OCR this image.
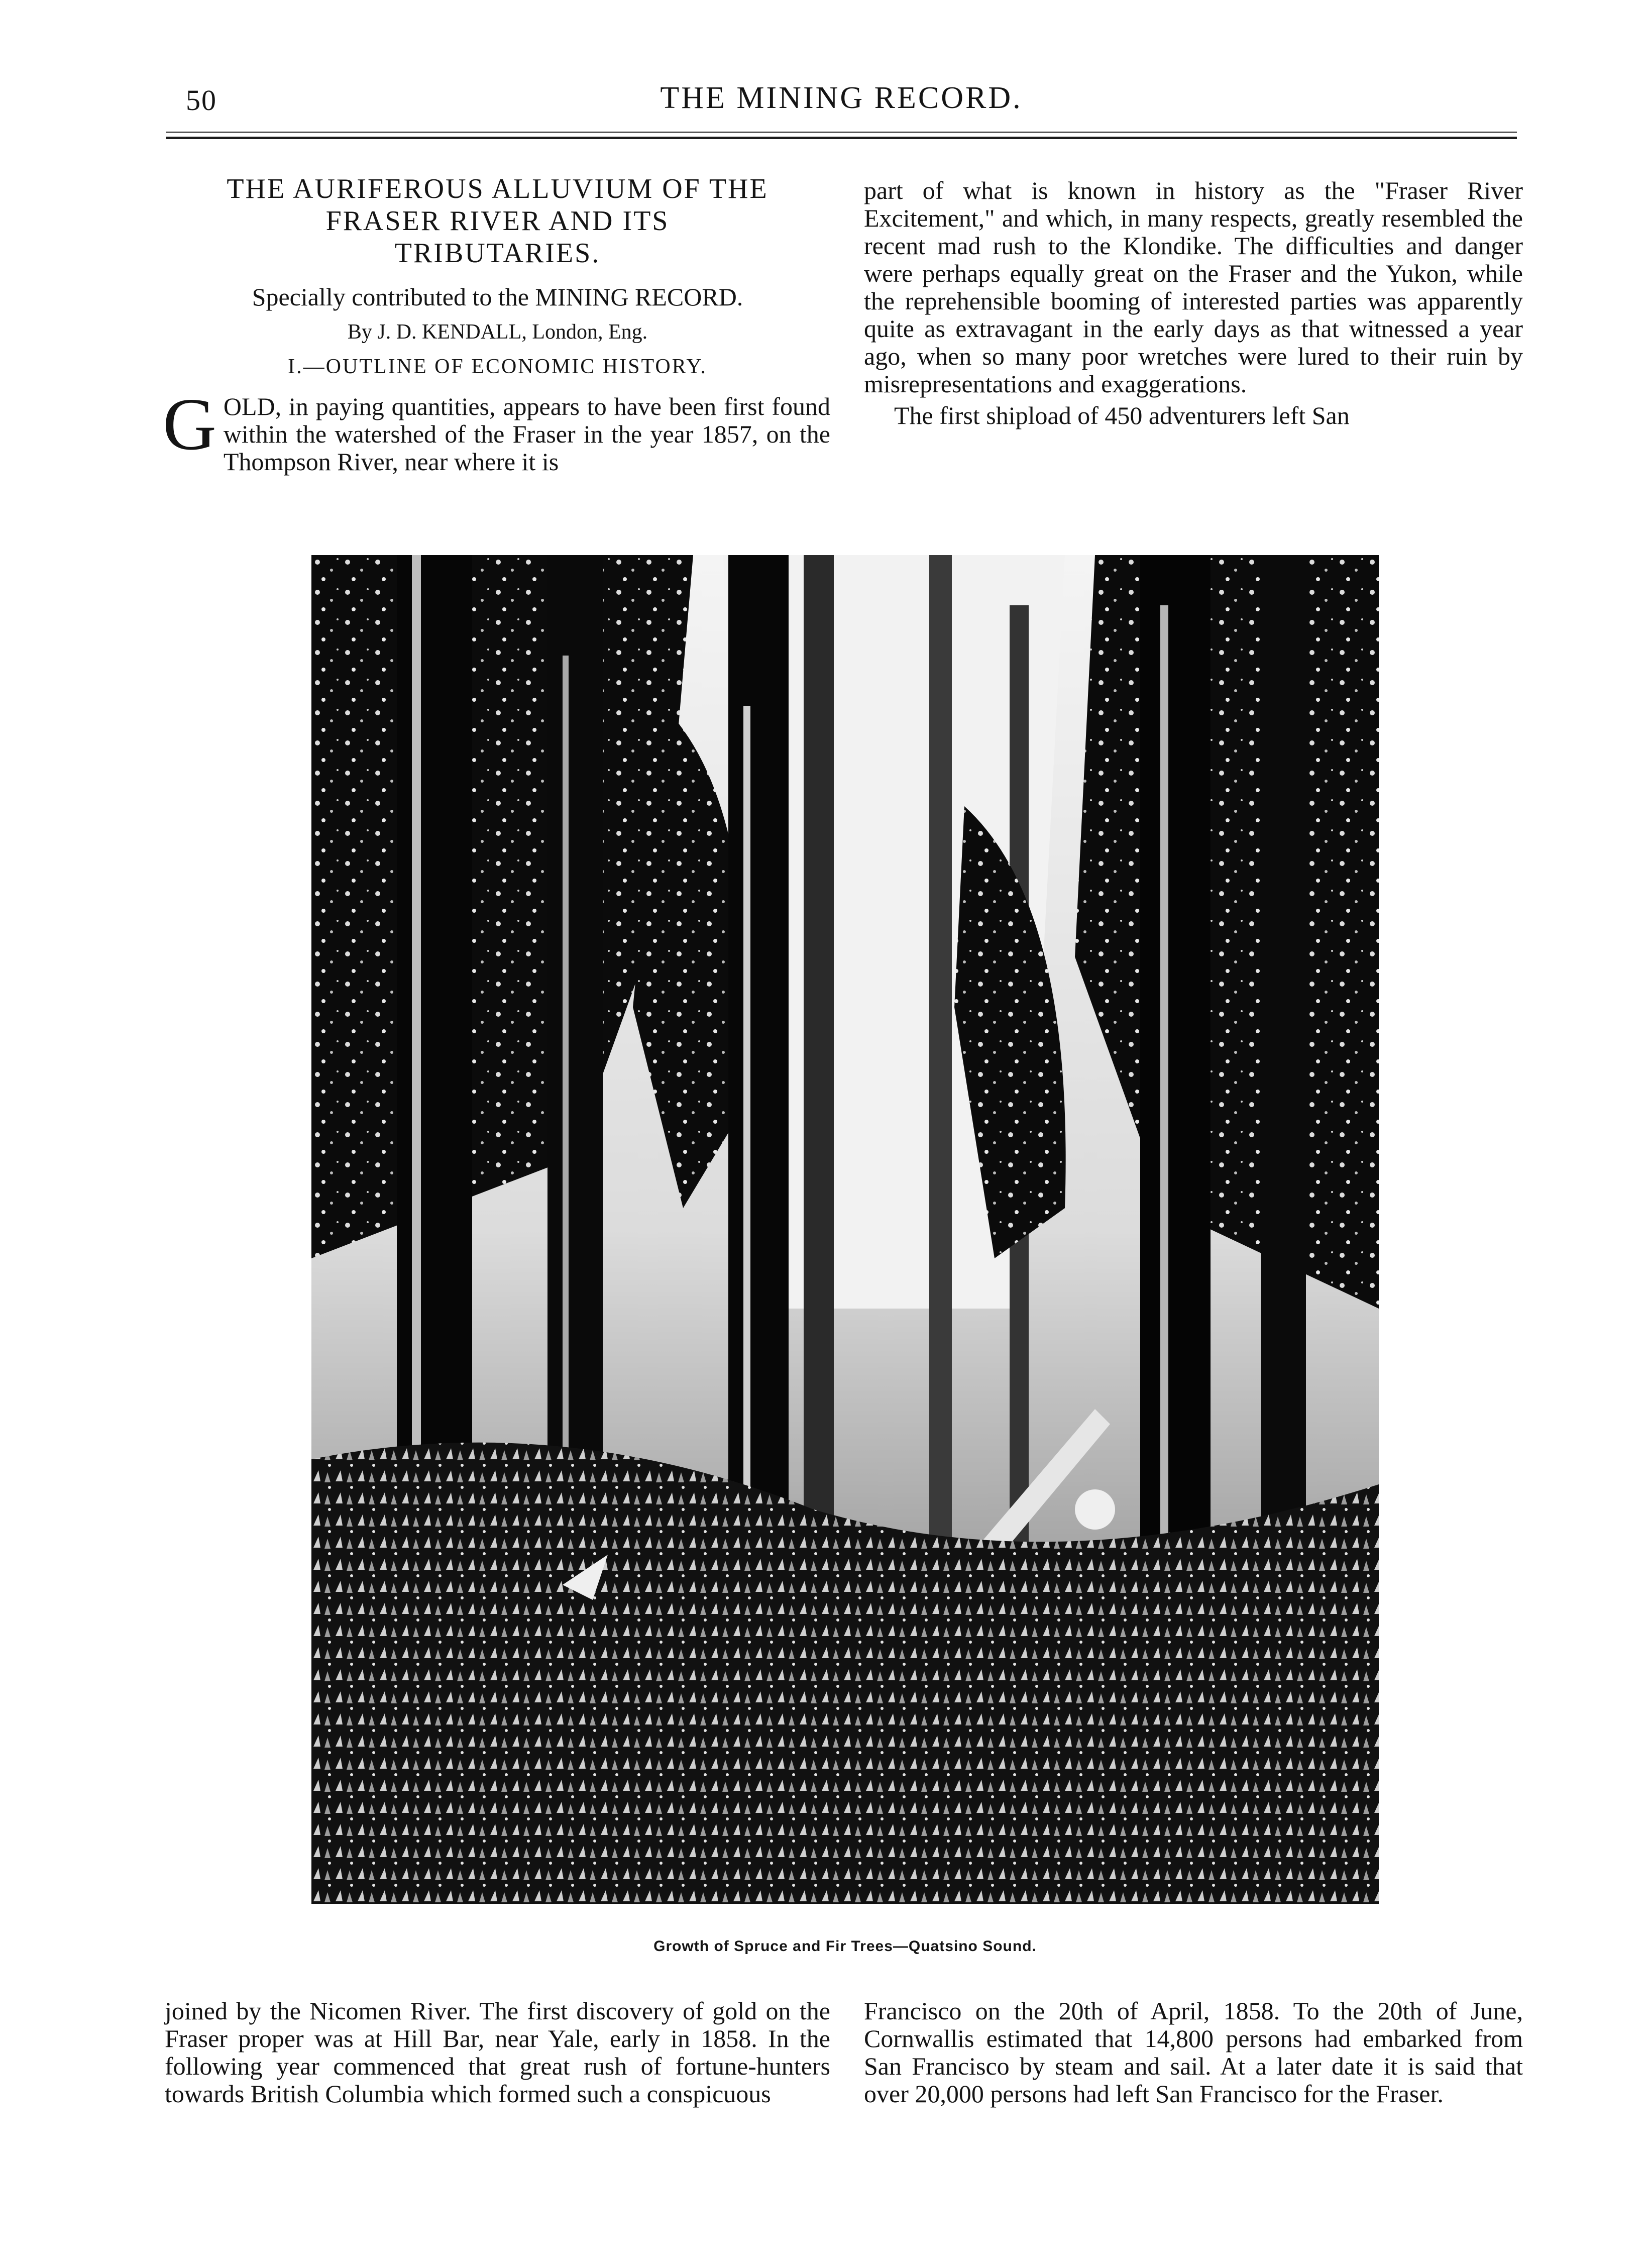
50	THE MINING RECORD.
THE AURIFEROUS ALLUVIUM OF THE
FRASER RIVER AND ITS
TRIBUTARIES.
Specially contributed to the MINING RECORD.
By J. D. KENDALL, London, Eng.
I.—OUTLINE OF ECONOMIC HISTORY.

GOLD, in paying quantities, appears to have been first found within the watershed of the Fraser in the year 1857, on the Thompson River, near where it is

part of what is known in history as the "Fraser River Excitement," and which, in many respects, greatly resembled the recent mad rush to the Klondike. The difficulties and danger were perhaps equally great on the Fraser and the Yukon, while the reprehensible booming of interested parties was apparently quite as extravagant in the early days as that witnessed a year ago, when so many poor wretches were lured to their ruin by misrepresentations and exaggerations.

The first shipload of 450 adventurers left San

Growth of Spruce and Fir Trees—Quatsino Sound.

joined by the Nicomen River. The first discovery of gold on the Fraser proper was at Hill Bar, near Yale, early in 1858. In the following year commenced that great rush of fortune-hunters towards British Columbia which formed such a conspicuous

Francisco on the 20th of April, 1858. To the 20th of June, Cornwallis estimated that 14,800 persons had embarked from San Francisco by steam and sail. At a later date it is said that over 20,000 persons had left San Francisco for the Fraser.
